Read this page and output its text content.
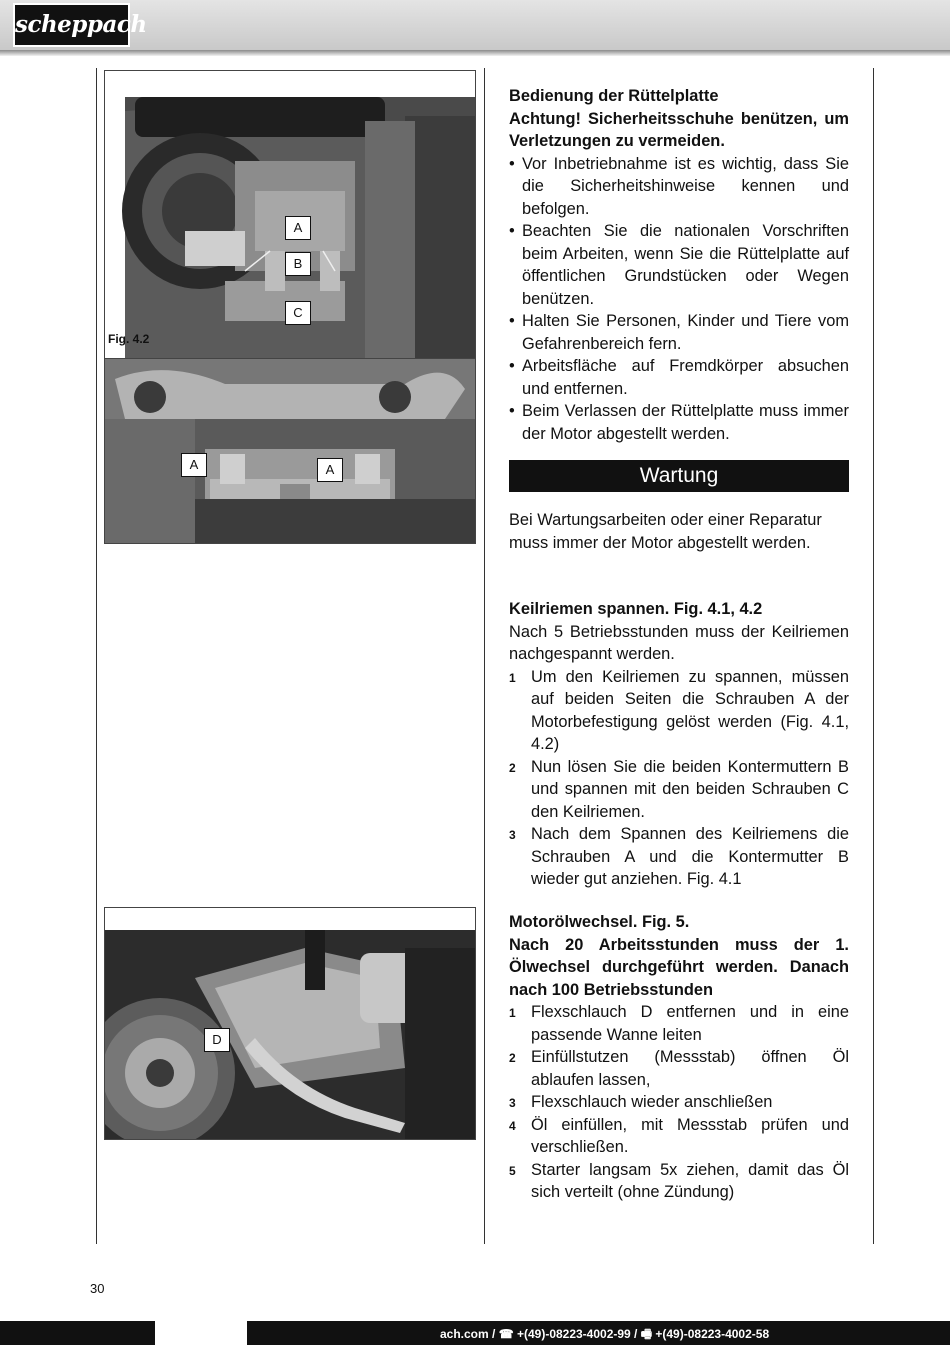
scheppach
A
B
C
Fig. 4.2
A	A
D

Bedienung der Rüttelplatte

Achtung! Sicherheitsschuhe benützen, um Verletzungen zu vermeiden.

• Vor Inbetriebnahme ist es wichtig, dass Sie die Sicherheitshinweise kennen und befolgen.
• Beachten Sie die nationalen Vorschriften beim Arbeiten, wenn Sie die Rüttelplatte auf öffentlichen Grundstücken oder Wegen benützen.
• Halten Sie Personen, Kinder und Tiere vom Gefahrenbereich fern.
• Arbeitsfläche auf Fremdkörper absuchen und entfernen.
• Beim Verlassen der Rüttelplatte muss immer der Motor abgestellt werden.
Wartung

Bei Wartungsarbeiten oder einer Reparatur muss immer der Motor abgestellt werden.

Keilriemen spannen. Fig. 4.1, 4.2

Nach 5 Betriebsstunden muss der Keilriemen nachgespannt werden.

1 Um den Keilriemen zu spannen, müssen auf beiden Seiten die Schrauben A der Motorbefestigung gelöst werden (Fig. 4.1, 4.2)
2 Nun lösen Sie die beiden Kontermuttern B und spannen mit den beiden Schrauben C den Keilriemen.
3 Nach dem Spannen des Keilriemens die Schrauben A und die Kontermutter B wieder gut anziehen. Fig. 4.1

Motorölwechsel. Fig. 5.

Nach 20 Arbeitsstunden muss der 1. Ölwechsel durchgeführt werden. Danach nach 100 Betriebsstunden

1 Flexschlauch D entfernen und in eine passende Wanne leiten
2 Einfüllstutzen (Messstab) öffnen Öl ablaufen lassen,
3 Flexschlauch wieder anschließen
4 Öl einfüllen, mit Messstab prüfen und verschließen.
5 Starter langsam 5x ziehen, damit das Öl sich verteilt (ohne Zündung)
30
ach.com / ☎ +(49)-08223-4002-99 / 🖷 +(49)-08223-4002-58
